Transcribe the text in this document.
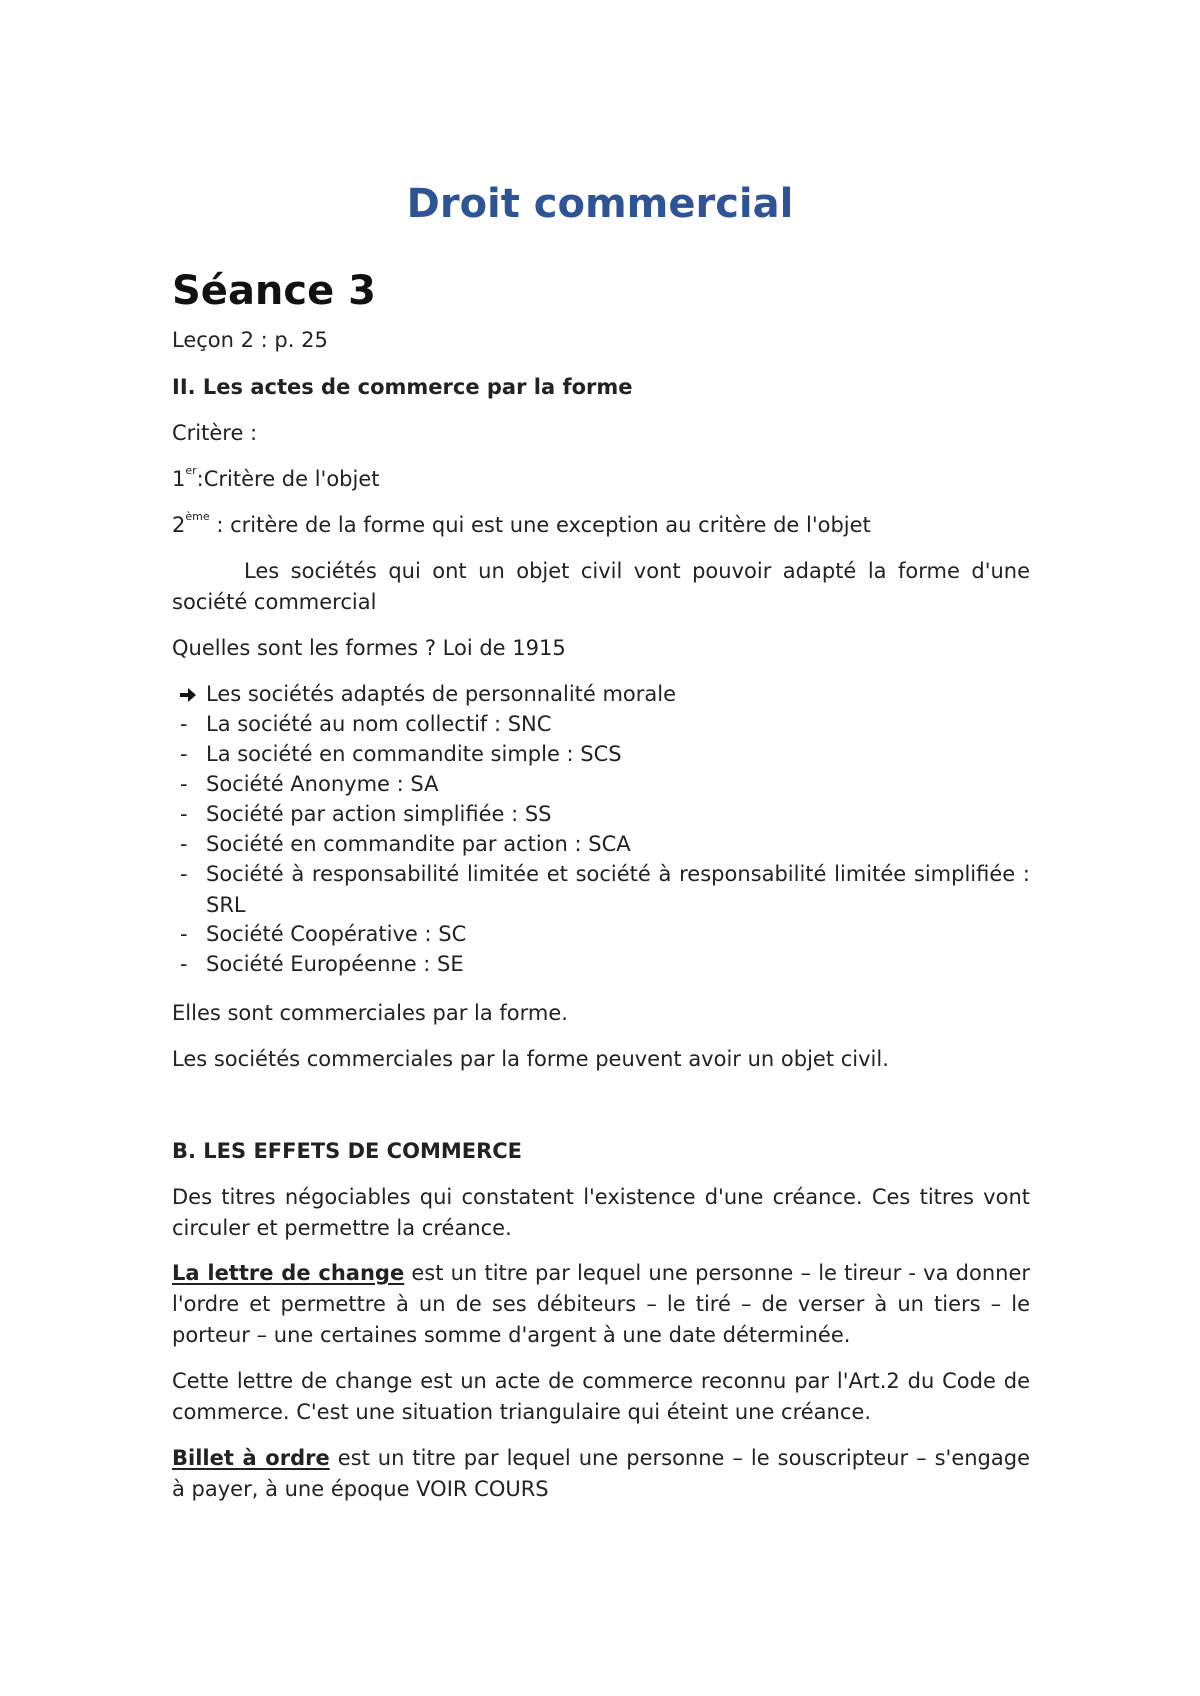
Droit commercial
Séance 3

Leçon 2 : p. 25

II. Les actes de commerce par la forme

Critère :

1er:Critère de l'objet

2ème : critère de la forme qui est une exception au critère de l'objet

Les sociétés qui ont un objet civil vont pouvoir adapté la forme d'une société commercial

Quelles sont les formes ? Loi de 1915

Les sociétés adaptés de personnalité morale
- La société au nom collectif : SNC
- La société en commandite simple : SCS
- Société Anonyme : SA
- Société par action simplifiée : SS
- Société en commandite par action : SCA
- Société à responsabilité limitée et société à responsabilité limitée simplifiée : SRL
- Société Coopérative : SC
- Société Européenne : SE

Elles sont commerciales par la forme.

Les sociétés commerciales par la forme peuvent avoir un objet civil.

B. LES EFFETS DE COMMERCE

Des titres négociables qui constatent l'existence d'une créance. Ces titres vont circuler et permettre la créance.

La lettre de change est un titre par lequel une personne – le tireur - va donner l'ordre et permettre à un de ses débiteurs – le tiré – de verser à un tiers – le porteur – une certaines somme d'argent à une date déterminée.

Cette lettre de change est un acte de commerce reconnu par l'Art.2 du Code de commerce. C'est une situation triangulaire qui éteint une créance.

Billet à ordre est un titre par lequel une personne – le souscripteur – s'engage à payer, à une époque VOIR COURS
